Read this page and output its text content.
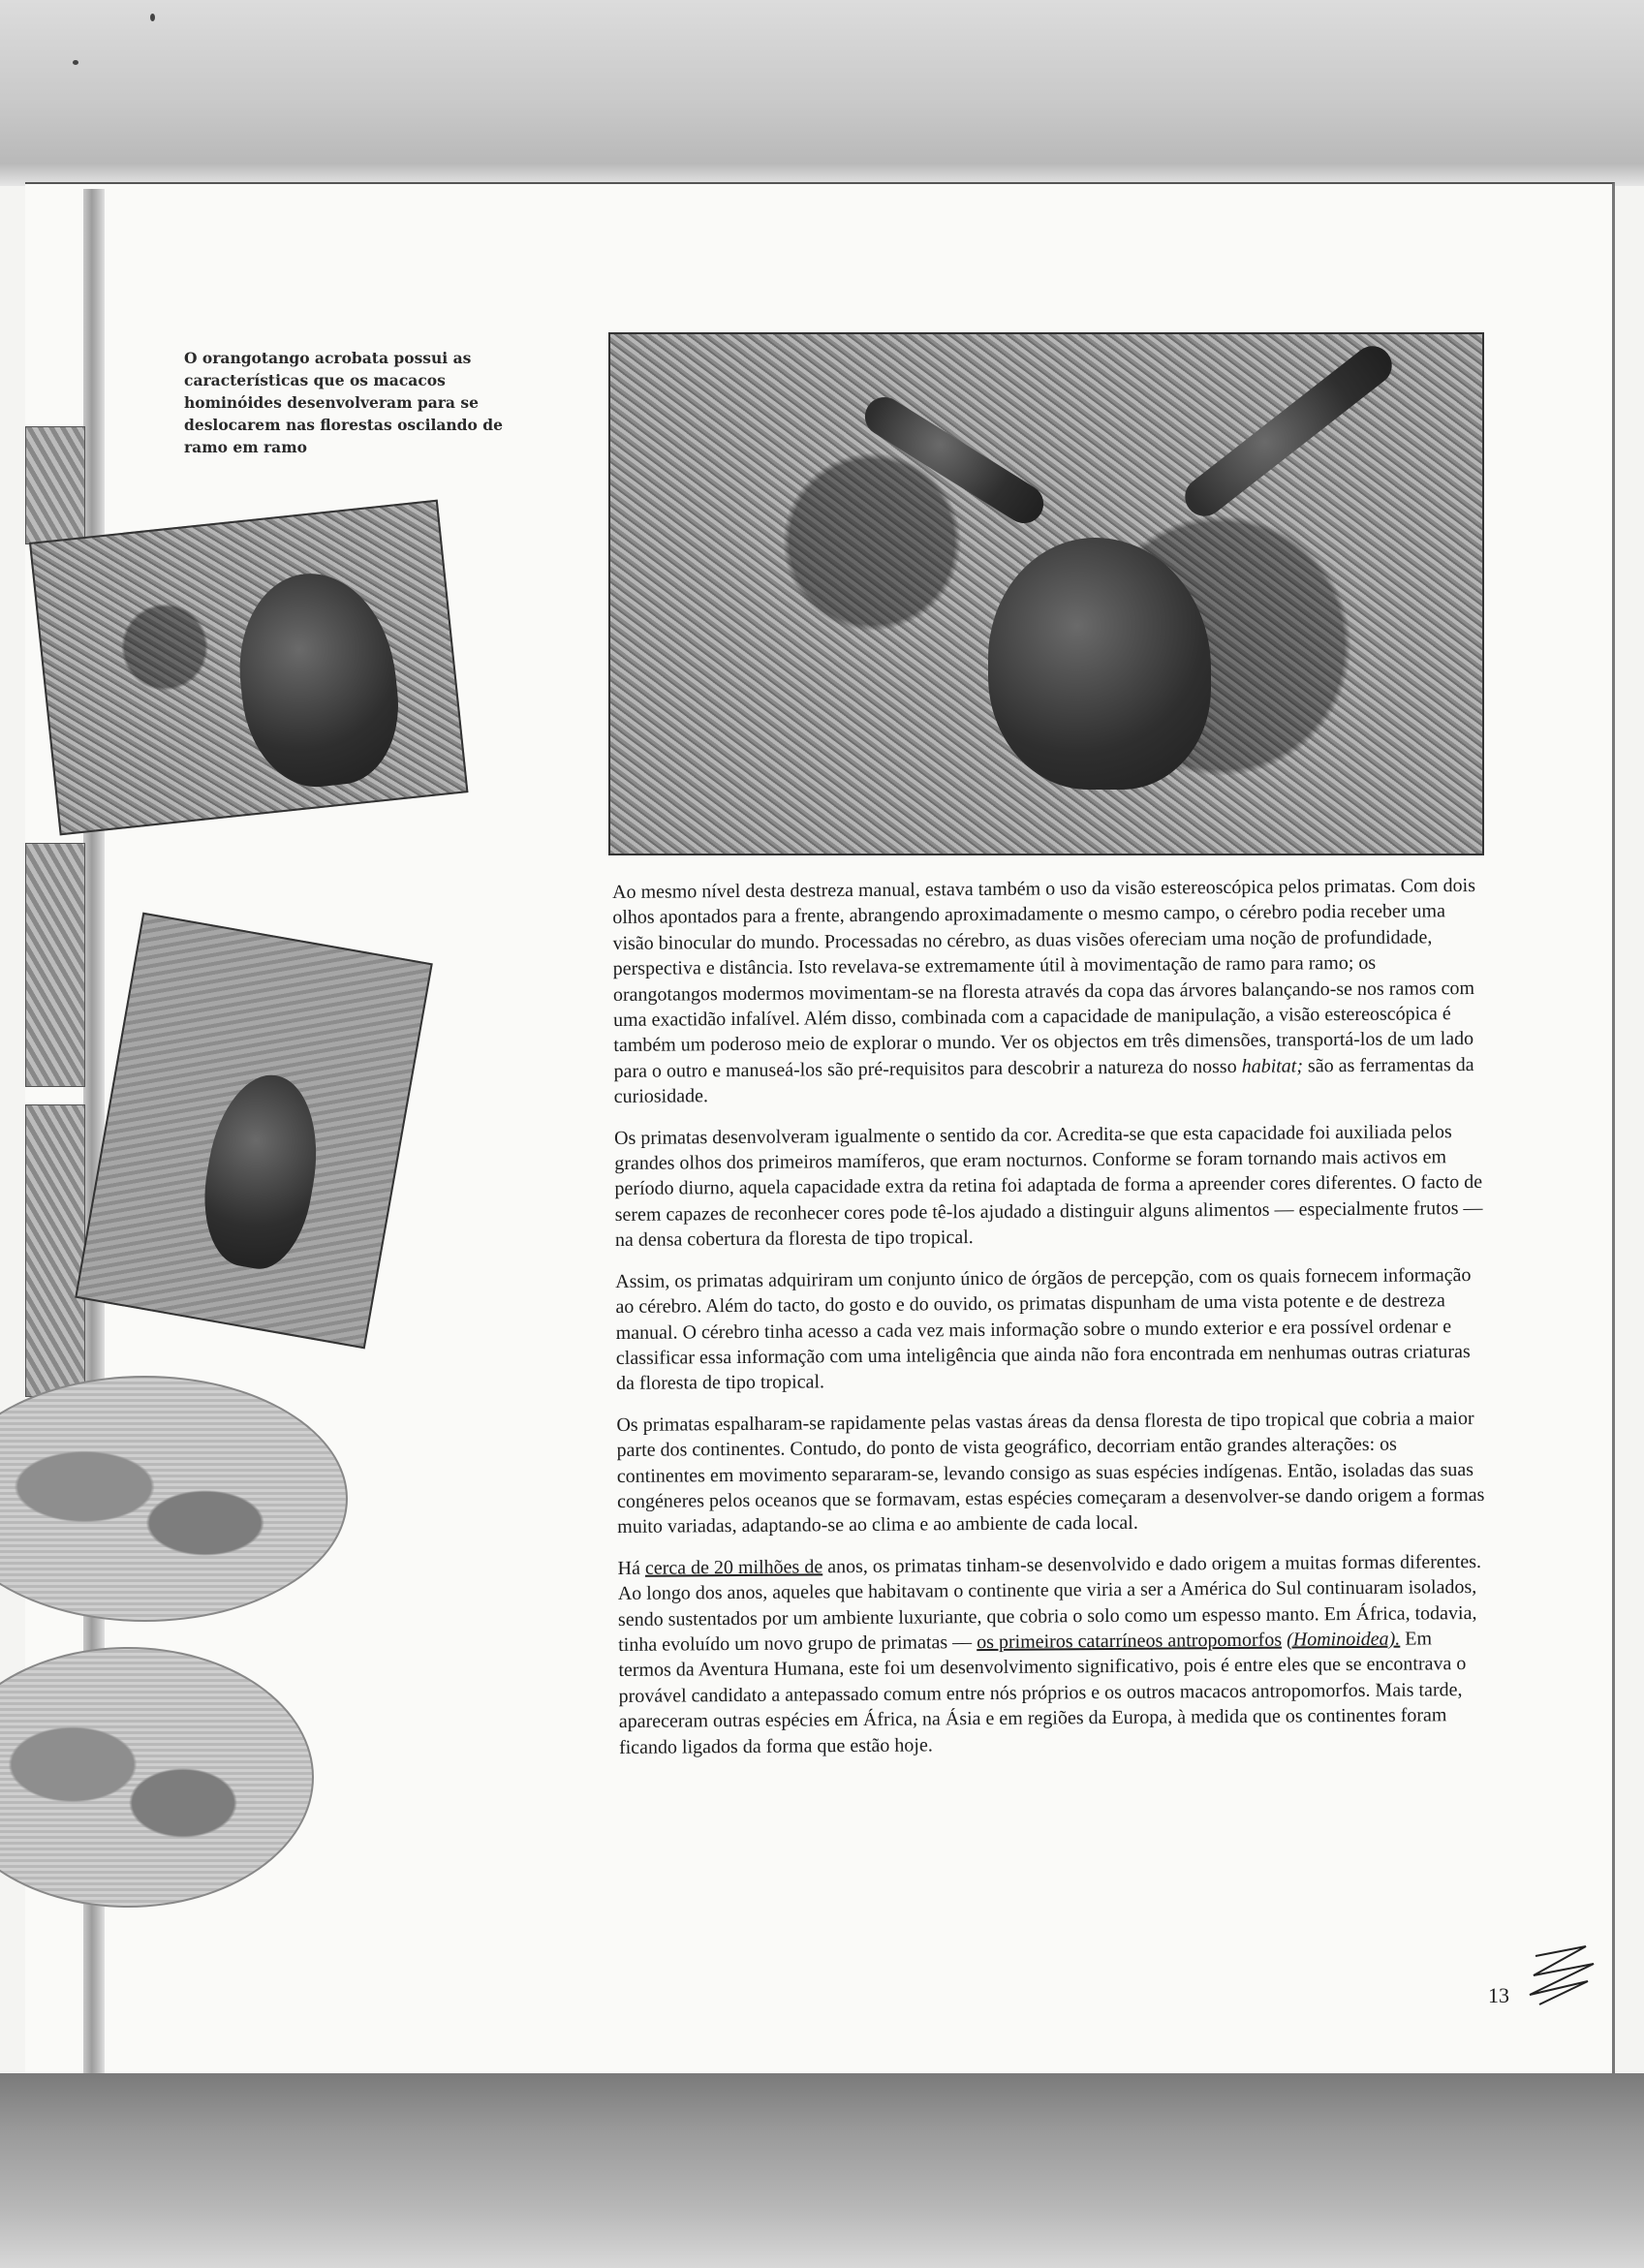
O orangotango acrobata possui as características que os macacos hominóides desenvolveram para se deslocarem nas florestas oscilando de ramo em ramo

Ao mesmo nível desta destreza manual, estava também o uso da visão estereoscópica pelos primatas. Com dois olhos apontados para a frente, abrangendo aproximadamente o mesmo campo, o cérebro podia receber uma visão binocular do mundo. Processadas no cérebro, as duas visões ofereciam uma noção de profundidade, perspectiva e distância. Isto revelava-se extremamente útil à movimentação de ramo para ramo; os orangotangos modermos movimentam-se na floresta através da copa das árvores balançando-se nos ramos com uma exactidão infalível. Além disso, combinada com a capacidade de manipulação, a visão estereoscópica é também um poderoso meio de explorar o mundo. Ver os objectos em três dimensões, transportá-los de um lado para o outro e manuseá-los são pré-requisitos para descobrir a natureza do nosso habitat; são as ferramentas da curiosidade.

Os primatas desenvolveram igualmente o sentido da cor. Acredita-se que esta capacidade foi auxiliada pelos grandes olhos dos primeiros mamíferos, que eram nocturnos. Conforme se foram tornando mais activos em período diurno, aquela capacidade extra da retina foi adaptada de forma a apreender cores diferentes. O facto de serem capazes de reconhecer cores pode tê-los ajudado a distinguir alguns alimentos — especialmente frutos — na densa cobertura da floresta de tipo tropical.

Assim, os primatas adquiriram um conjunto único de órgãos de percepção, com os quais fornecem informação ao cérebro. Além do tacto, do gosto e do ouvido, os primatas dispunham de uma vista potente e de destreza manual. O cérebro tinha acesso a cada vez mais informação sobre o mundo exterior e era possível ordenar e classificar essa informação com uma inteligência que ainda não fora encontrada em nenhumas outras criaturas da floresta de tipo tropical.

Os primatas espalharam-se rapidamente pelas vastas áreas da densa floresta de tipo tropical que cobria a maior parte dos continentes. Contudo, do ponto de vista geográfico, decorriam então grandes alterações: os continentes em movimento separaram-se, levando consigo as suas espécies indígenas. Então, isoladas das suas congéneres pelos oceanos que se formavam, estas espécies começaram a desenvolver-se dando origem a formas muito variadas, adaptando-se ao clima e ao ambiente de cada local.

Há cerca de 20 milhões de anos, os primatas tinham-se desenvolvido e dado origem a muitas formas diferentes. Ao longo dos anos, aqueles que habitavam o continente que viria a ser a América do Sul continuaram isolados, sendo sustentados por um ambiente luxuriante, que cobria o solo como um espesso manto. Em África, todavia, tinha evoluído um novo grupo de primatas — os primeiros catarríneos antropomorfos (Hominoidea). Em termos da Aventura Humana, este foi um desenvolvimento significativo, pois é entre eles que se encontrava o provável candidato a antepassado comum entre nós próprios e os outros macacos antropomorfos. Mais tarde, apareceram outras espécies em África, na Ásia e em regiões da Europa, à medida que os continentes foram ficando ligados da forma que estão hoje.

13
